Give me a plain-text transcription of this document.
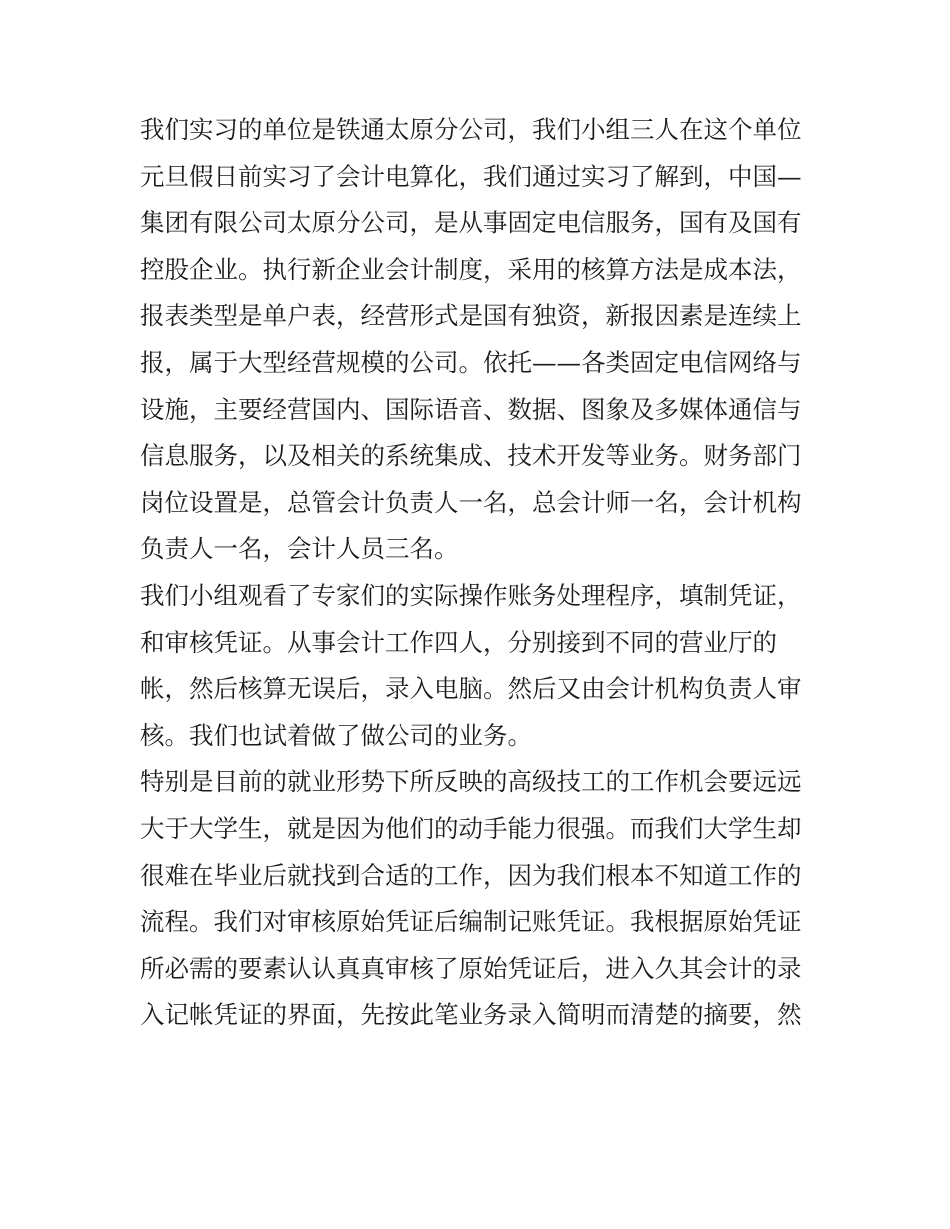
我们实习的单位是铁通太原分公司，我们小组三人在这个单位
元旦假日前实习了会计电算化，我们通过实习了解到，中国—
集团有限公司太原分公司，是从事固定电信服务，国有及国有
控股企业。执行新企业会计制度，采用的核算方法是成本法，
报表类型是单户表，经营形式是国有独资，新报因素是连续上
报，属于大型经营规模的公司。依托——各类固定电信网络与
设施，主要经营国内、国际语音、数据、图象及多媒体通信与
信息服务，以及相关的系统集成、技术开发等业务。财务部门
岗位设置是，总管会计负责人一名，总会计师一名，会计机构
负责人一名，会计人员三名。
我们小组观看了专家们的实际操作账务处理程序，填制凭证，
和审核凭证。从事会计工作四人，分别接到不同的营业厅的
帐，然后核算无误后，录入电脑。然后又由会计机构负责人审
核。我们也试着做了做公司的业务。
特别是目前的就业形势下所反映的高级技工的工作机会要远远
大于大学生，就是因为他们的动手能力很强。而我们大学生却
很难在毕业后就找到合适的工作，因为我们根本不知道工作的
流程。我们对审核原始凭证后编制记账凭证。我根据原始凭证
所必需的要素认认真真审核了原始凭证后，进入久其会计的录
入记帐凭证的界面，先按此笔业务录入简明而清楚的摘要，然
